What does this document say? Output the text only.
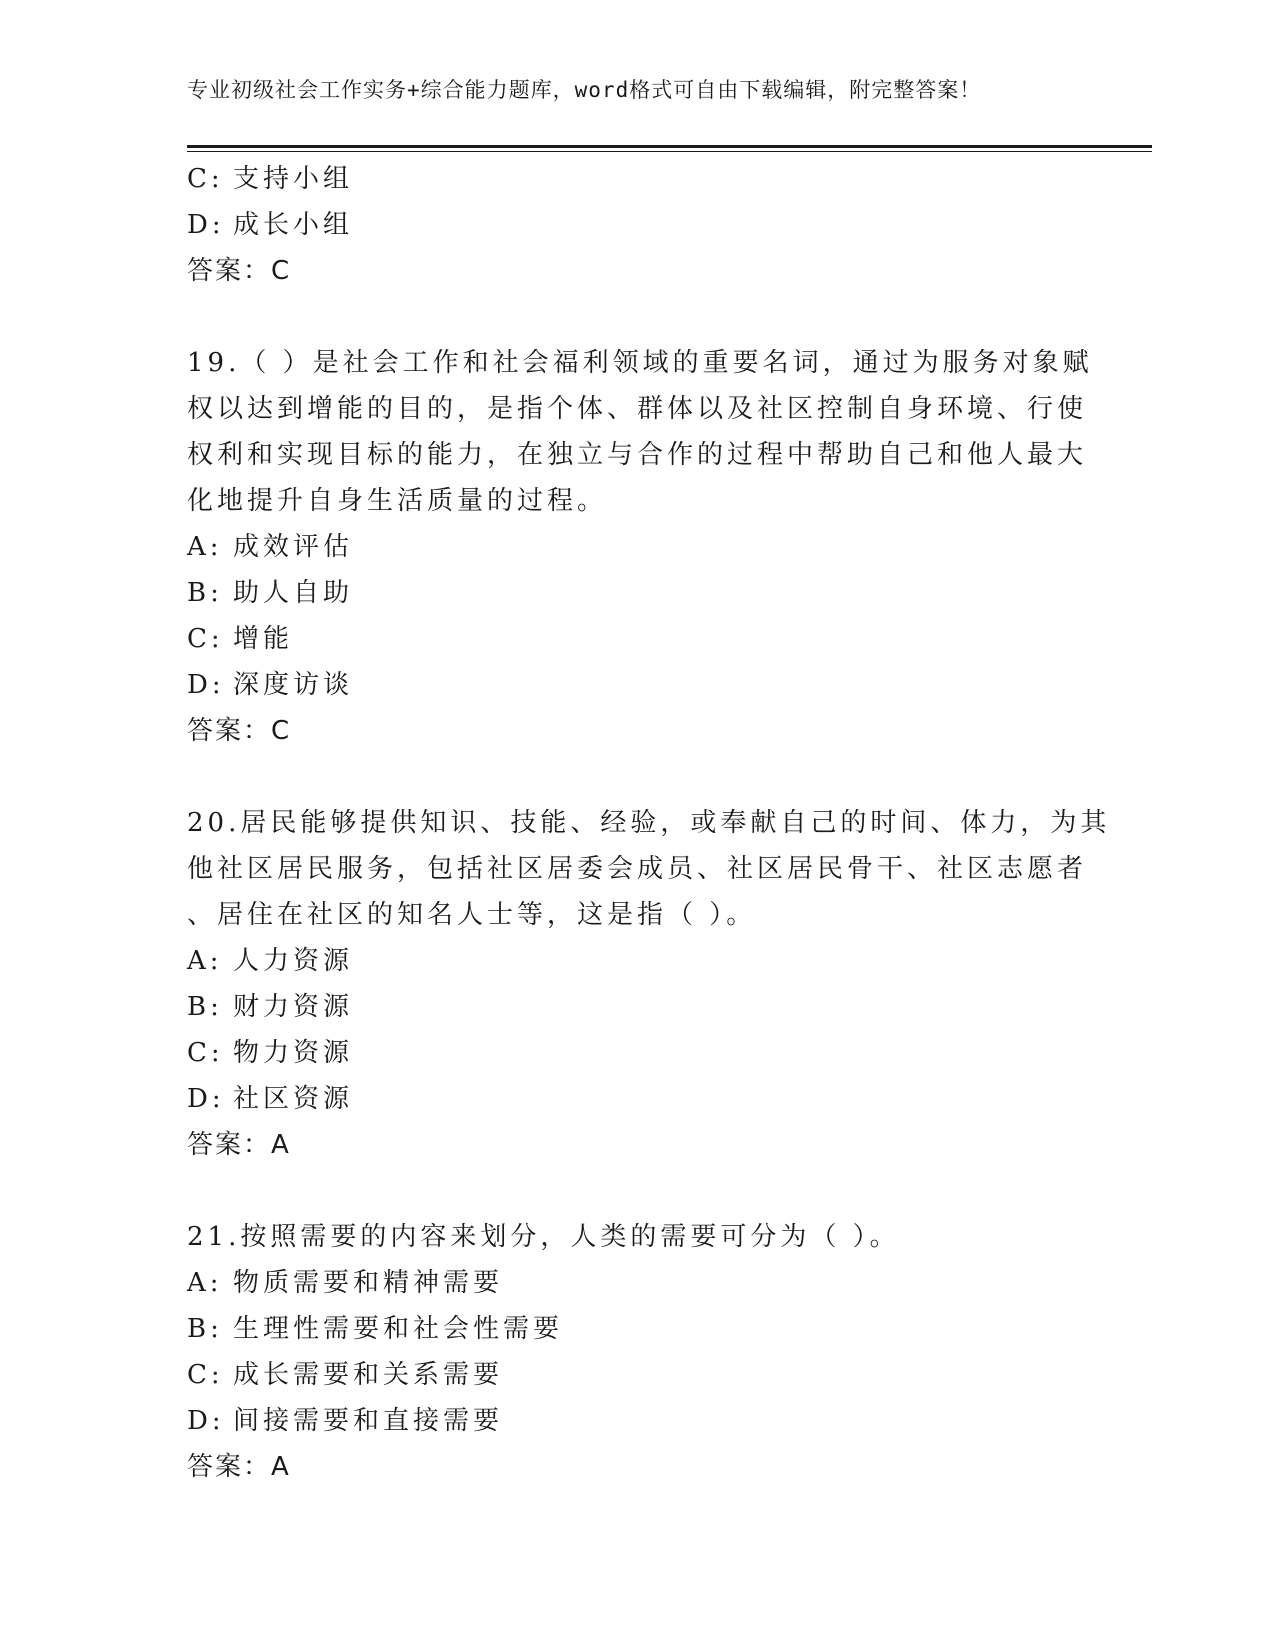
专业初级社会工作实务+综合能力题库，word格式可自由下载编辑，附完整答案！
C: 支持小组
D: 成长小组
答案：C
19.（ ）是社会工作和社会福利领域的重要名词，通过为服务对象赋
权以达到增能的目的，是指个体、群体以及社区控制自身环境、行使
权利和实现目标的能力，在独立与合作的过程中帮助自己和他人最大
化地提升自身生活质量的过程。
A: 成效评估
B: 助人自助
C: 增能
D: 深度访谈
答案：C
20.居民能够提供知识、技能、经验，或奉献自己的时间、体力，为其
他社区居民服务，包括社区居委会成员、社区居民骨干、社区志愿者
、居住在社区的知名人士等，这是指（ ）。
A: 人力资源
B: 财力资源
C: 物力资源
D: 社区资源
答案：A
21.按照需要的内容来划分，人类的需要可分为（ ）。
A: 物质需要和精神需要
B: 生理性需要和社会性需要
C: 成长需要和关系需要
D: 间接需要和直接需要
答案：A
